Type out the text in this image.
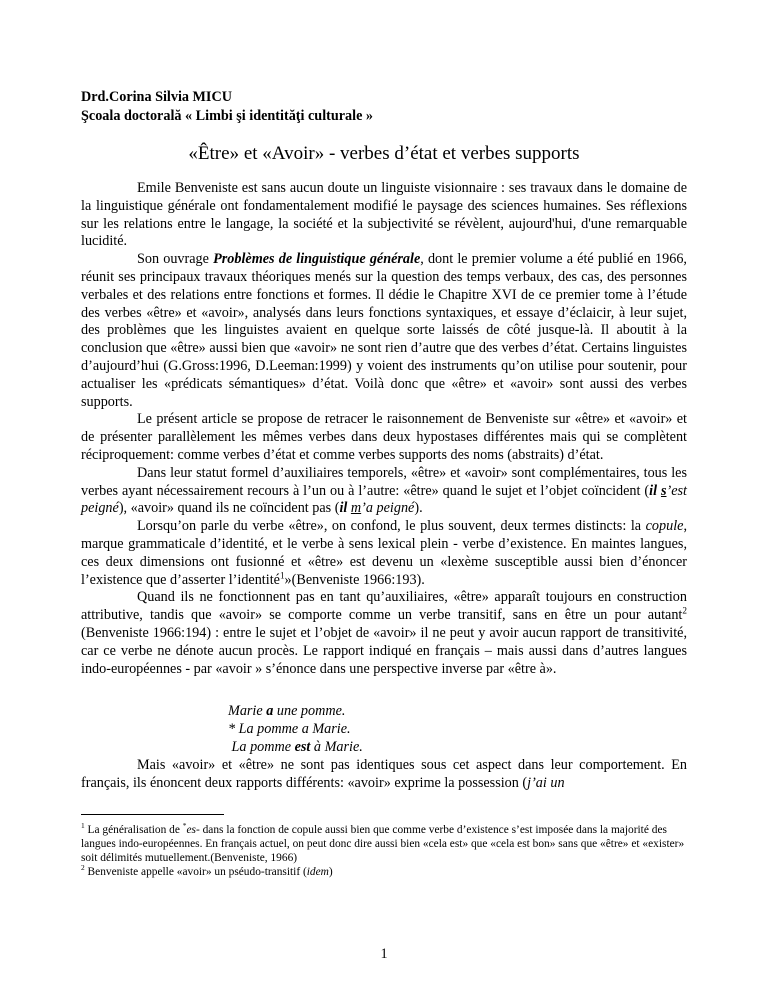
Drd.Corina Silvia MICU
Şcoala doctorală « Limbi şi identităţi culturale »
«Être» et «Avoir» - verbes d’état et verbes supports

Emile Benveniste est sans aucun doute un linguiste visionnaire : ses travaux dans le domaine de la linguistique générale ont fondamentalement modifié le paysage des sciences humaines. Ses réflexions sur les relations entre le langage, la société et la subjectivité se révèlent, aujourd'hui, d'une remarquable lucidité.

Son ouvrage Problèmes de linguistique générale, dont le premier volume a été publié en 1966, réunit ses principaux travaux théoriques menés sur la question des temps verbaux, des cas, des personnes verbales et des relations entre fonctions et formes. Il dédie le Chapitre XVI de ce premier tome à l’étude des verbes «être» et «avoir», analysés dans leurs fonctions syntaxiques, et essaye d’éclaicir, à leur sujet, des problèmes que les linguistes avaient en quelque sorte laissés de côté jusque-là. Il aboutit à la conclusion que «être» aussi bien que «avoir» ne sont rien d’autre que des verbes d’état. Certains linguistes d’aujourd’hui (G.Gross:1996, D.Leeman:1999) y voient des instruments qu’on utilise pour soutenir, pour actualiser les «prédicats sémantiques» d’état. Voilà donc que «être» et «avoir» sont aussi des verbes supports.

Le présent article se propose de retracer le raisonnement de Benveniste sur «être» et «avoir» et de présenter parallèlement les mêmes verbes dans deux hypostases différentes mais qui se complètent réciproquement: comme verbes d’état et comme verbes supports des noms (abstraits) d’état.

Dans leur statut formel d’auxiliaires temporels, «être» et «avoir» sont complémentaires, tous les verbes ayant nécessairement recours à l’un ou à l’autre: «être» quand le sujet et l’objet coïncident (il s’est peigné), «avoir» quand ils ne coïncident pas (il m’a peigné).

Lorsqu’on parle du verbe «être», on confond, le plus souvent, deux termes distincts: la copule, marque grammaticale d’identité, et le verbe à sens lexical plein - verbe d’existence. En maintes langues, ces deux dimensions ont fusionné et «être» est devenu un «lexème susceptible aussi bien d’énoncer l’existence que d’asserter l’identité$^1$»(Benveniste 1966:193).

Quand ils ne fonctionnent pas en tant qu’auxiliaires, «être» apparaît toujours en construction attributive, tandis que «avoir» se comporte comme un verbe transitif, sans en être un pour autant$^2$ (Benveniste 1966:194) : entre le sujet et l’objet de «avoir» il ne peut y avoir aucun rapport de transitivité, car ce verbe ne dénote aucun procès. Le rapport indiqué en français – mais aussi dans d’autres langues indo-européennes - par «avoir » s’énonce dans une perspective inverse par «être à».

Marie a une pomme.
* La pomme a Marie.
La pomme est à Marie.

Mais «avoir» et «être» ne sont pas identiques sous cet aspect dans leur comportement. En français, ils énoncent deux rapports différents: «avoir» exprime la possession (j’ai un

$^1$ La généralisation de *es- dans la fonction de copule aussi bien que comme verbe d’existence s’est imposée dans la majorité des langues indo-européennes. En français actuel, on peut donc dire aussi bien «cela est» que «cela est bon» sans que «être» et «exister» soit délimités mutuellement.(Benveniste, 1966)

$^2$ Benveniste appelle «avoir» un pséudo-transitif (idem)

1
